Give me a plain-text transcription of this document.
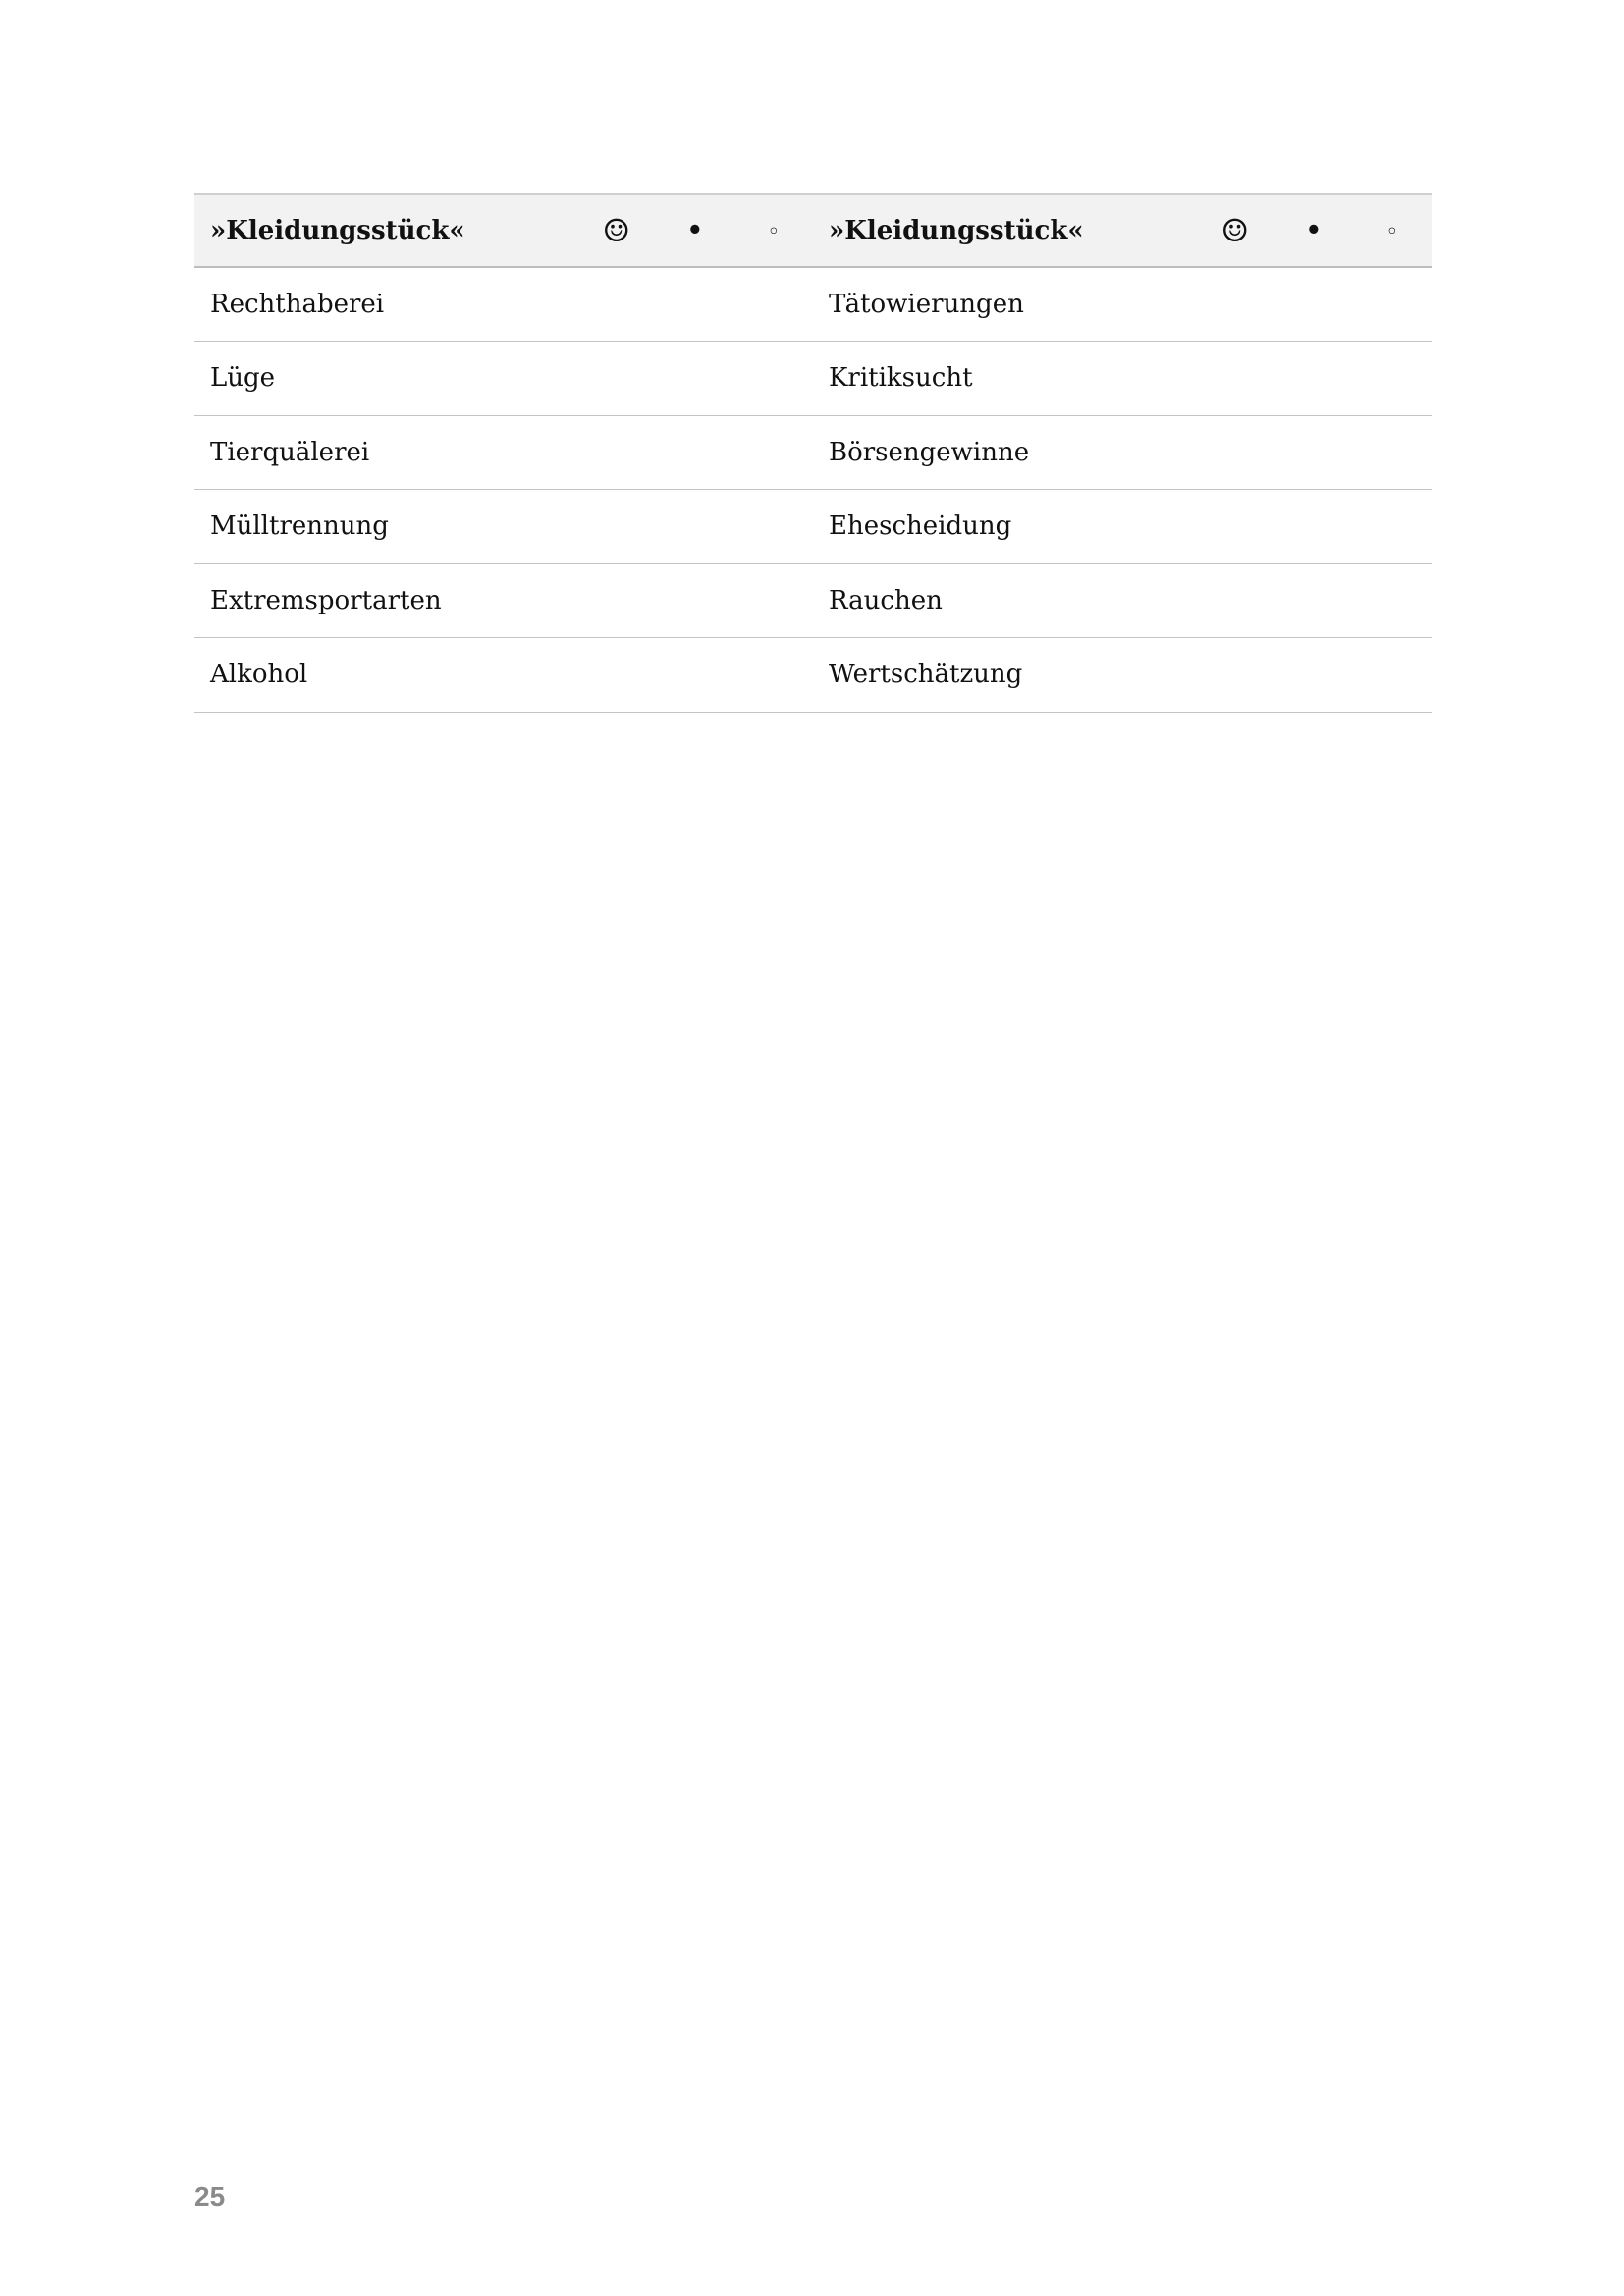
»Kleidungsstück«	☺	•	◦	»Kleidungsstück«	☺	•	◦
Rechthaberei				Tätowierungen			
Lüge				Kritiksucht			
Tierquälerei				Börsengewinne			
Mülltrennung				Ehescheidung			
Extremsportarten				Rauchen			
Alkohol				Wertschätzung			
25
